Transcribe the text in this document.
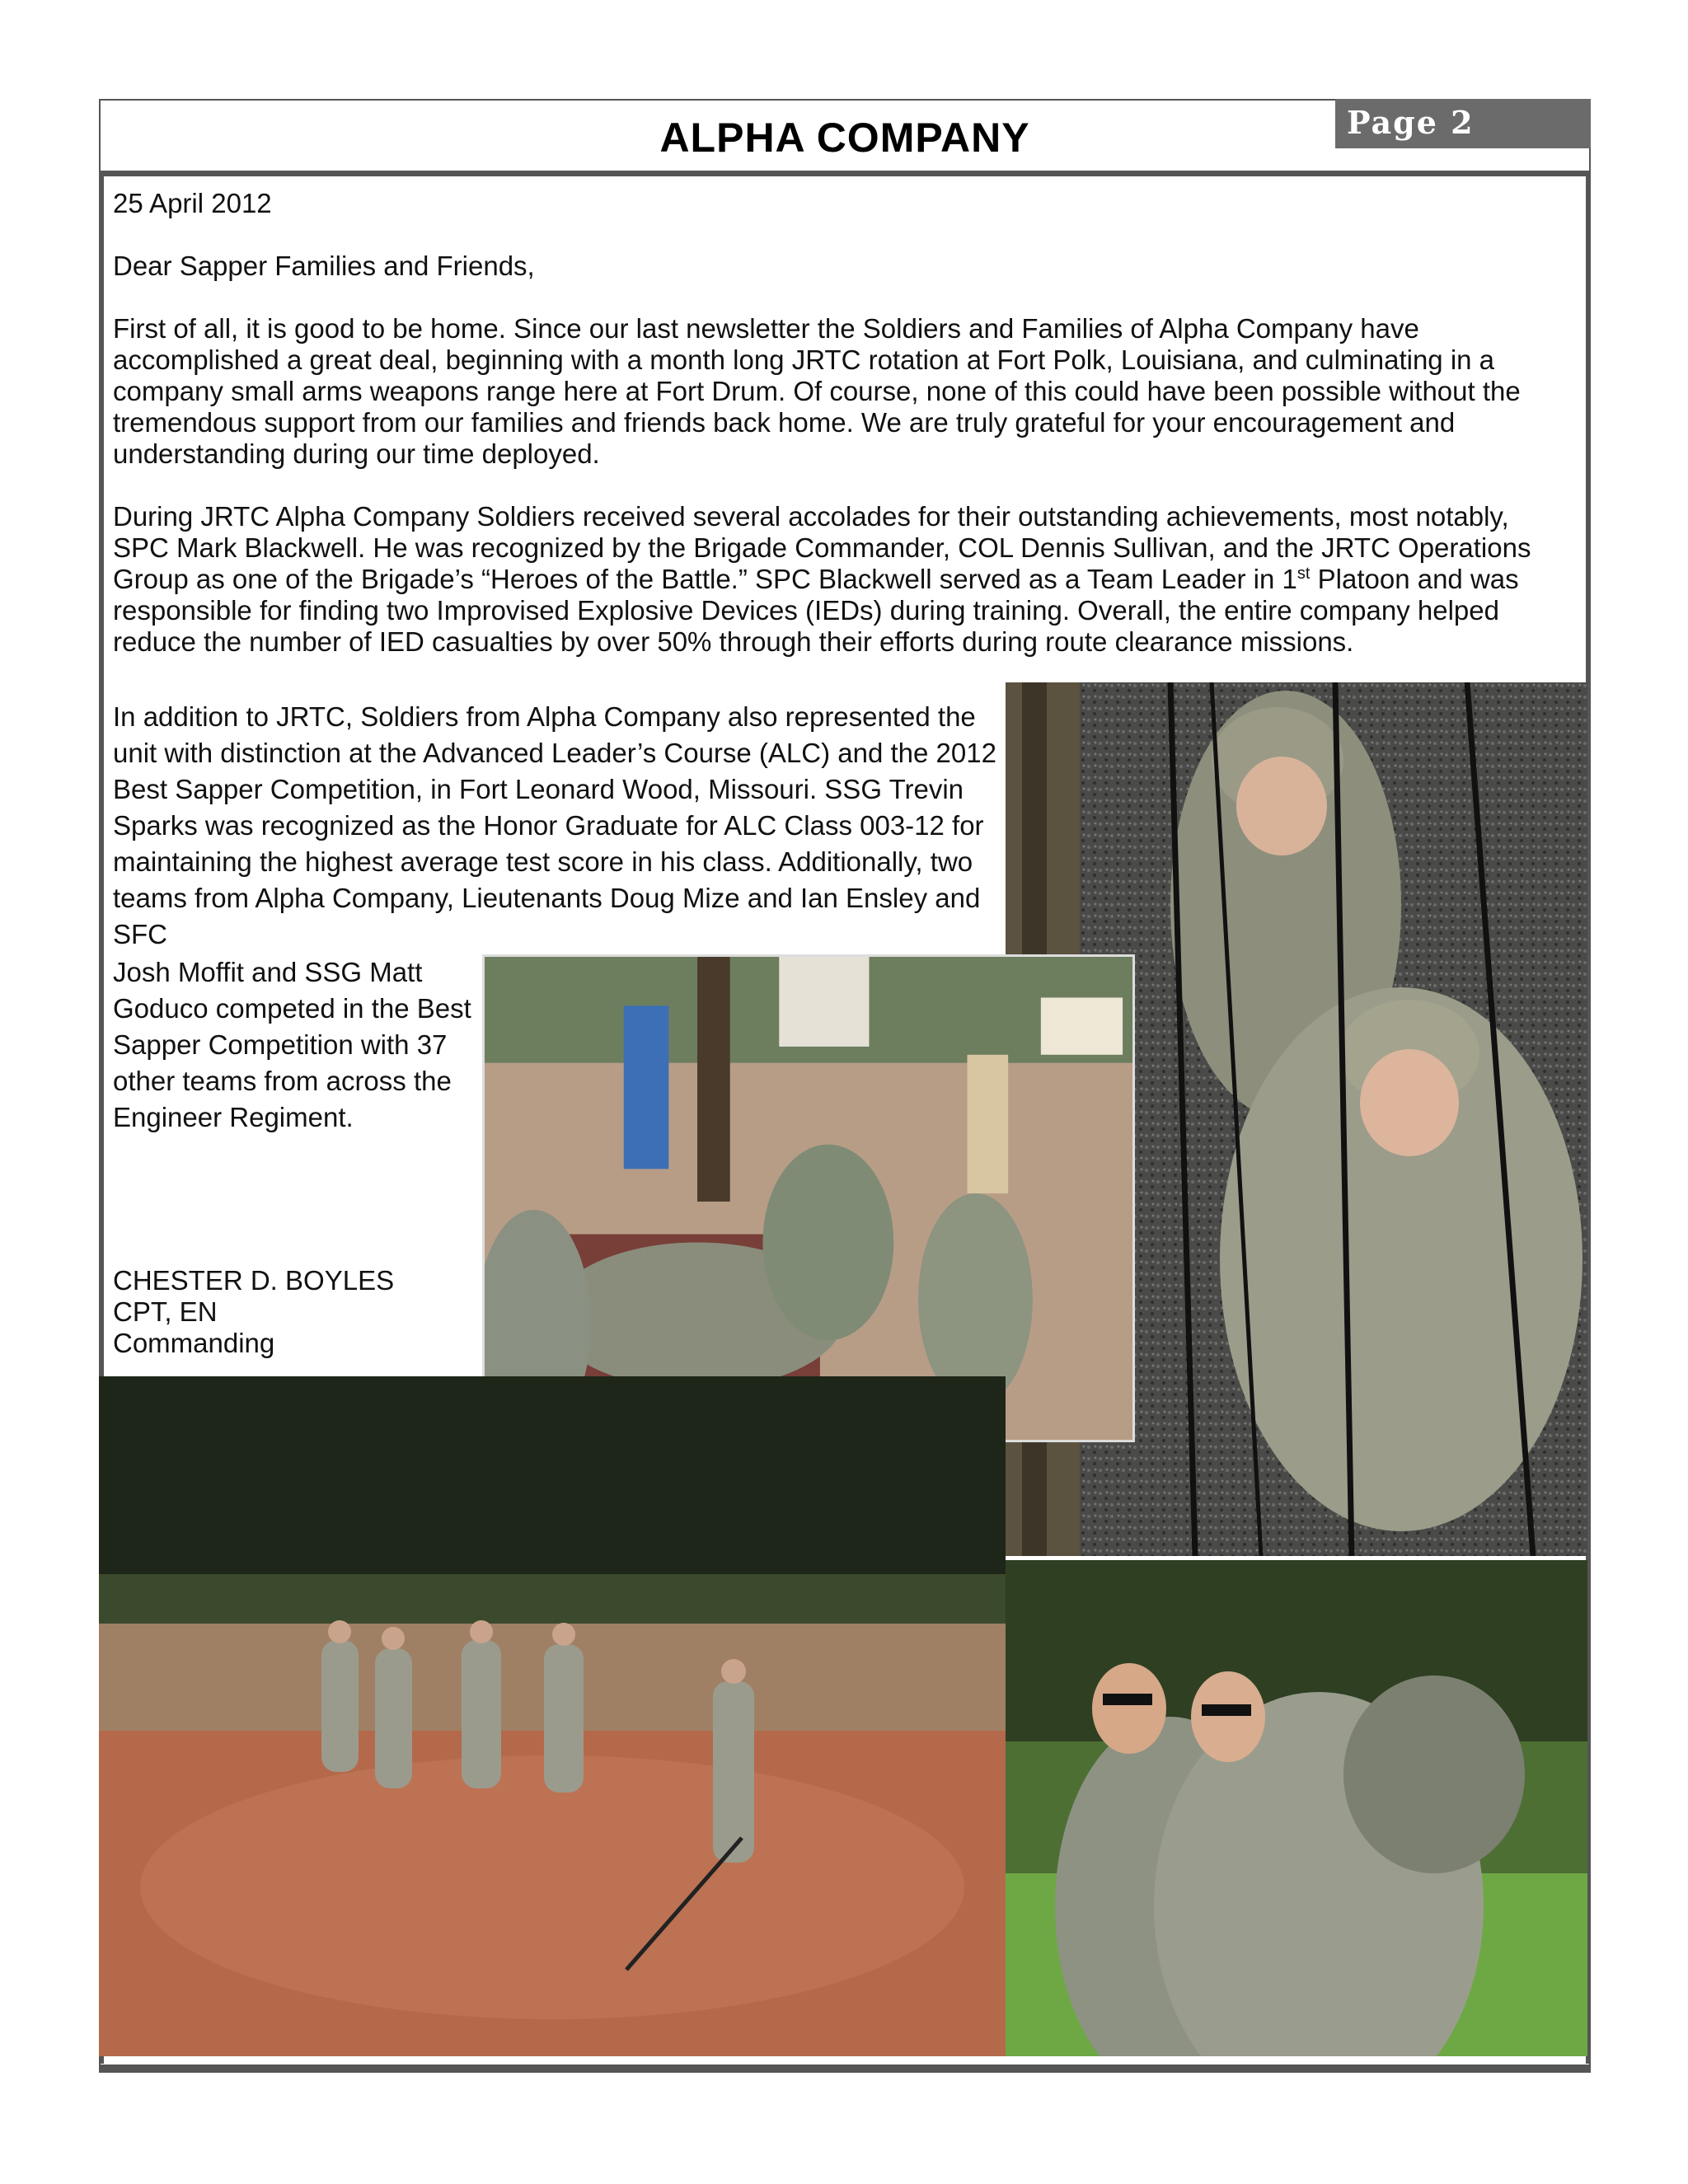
ALPHA COMPANY	Page 2

25 April 2012

Dear Sapper Families and Friends,

First of all, it is good to be home. Since our last newsletter the Soldiers and Families of Alpha Company have accomplished a great deal, beginning with a month long JRTC rotation at Fort Polk, Louisiana, and culminating in a company small arms weapons range here at Fort Drum. Of course, none of this could have been possible without the tremendous support from our families and friends back home. We are truly grateful for your encouragement and understanding during our time deployed.

During JRTC Alpha Company Soldiers received several accolades for their outstanding achievements, most notably, SPC Mark Blackwell. He was recognized by the Brigade Commander, COL Dennis Sullivan, and the JRTC Operations Group as one of the Brigade’s “Heroes of the Battle.” SPC Blackwell served as a Team Leader in 1st Platoon and was responsible for finding two Improvised Explosive Devices (IEDs) during training. Overall, the entire company helped reduce the number of IED casualties by over 50% through their efforts during route clearance missions.

In addition to JRTC, Soldiers from Alpha Company also represented the unit with distinction at the Advanced Leader’s Course (ALC) and the 2012 Best Sapper Competition, in Fort Leonard Wood, Missouri. SSG Trevin Sparks was recognized as the Honor Graduate for ALC Class 003-12 for maintaining the highest average test score in his class. Additionally, two teams from Alpha Company, Lieutenants Doug Mize and Ian Ensley and SFC
Josh Moffit and SSG Matt Goduco competed in the Best Sapper Competition with 37 other teams from across the Engineer Regiment.
CHESTER D. BOYLES
CPT, EN
Commanding
